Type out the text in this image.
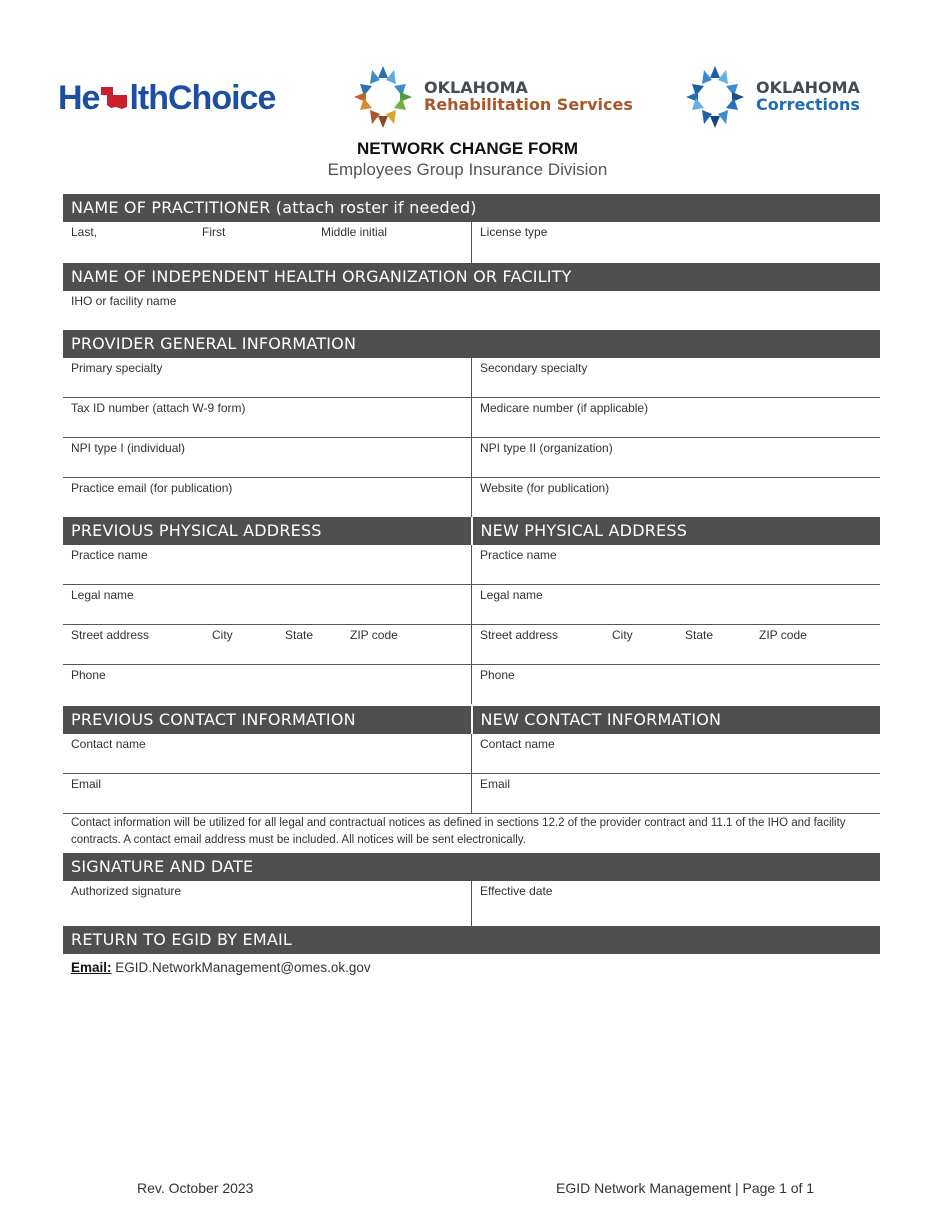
He lthChoice	OKLAHOMA
Rehabilitation Services
OKLAHOMA
Corrections
NETWORK CHANGE FORM
Employees Group Insurance Division
NAME OF PRACTITIONER (attach roster if needed)
Last,	First	Middle initial	License type
NAME OF INDEPENDENT HEALTH ORGANIZATION OR FACILITY
IHO or facility name
PROVIDER GENERAL INFORMATION
Primary specialty	Secondary specialty
Tax ID number (attach W-9 form)	Medicare number (if applicable)
NPI type I (individual)	NPI type II (organization)
Practice email (for publication)	Website (for publication)
PREVIOUS PHYSICAL ADDRESS	NEW PHYSICAL ADDRESS
Practice name	Practice name
Legal name	Legal name
Street address	City	State	ZIP code	Street address	City	State	ZIP code
Phone	Phone
PREVIOUS CONTACT INFORMATION	NEW CONTACT INFORMATION
Contact name	Contact name
Email	Email
Contact information will be utilized for all legal and contractual notices as defined in sections 12.2 of the provider contract and 11.1 of the IHO and facility contracts. A contact email address must be included. All notices will be sent electronically.
SIGNATURE AND DATE
Authorized signature	Effective date
RETURN TO EGID BY EMAIL
Email: EGID.NetworkManagement@omes.ok.gov
Rev. October 2023	EGID Network Management | Page 1 of 1
